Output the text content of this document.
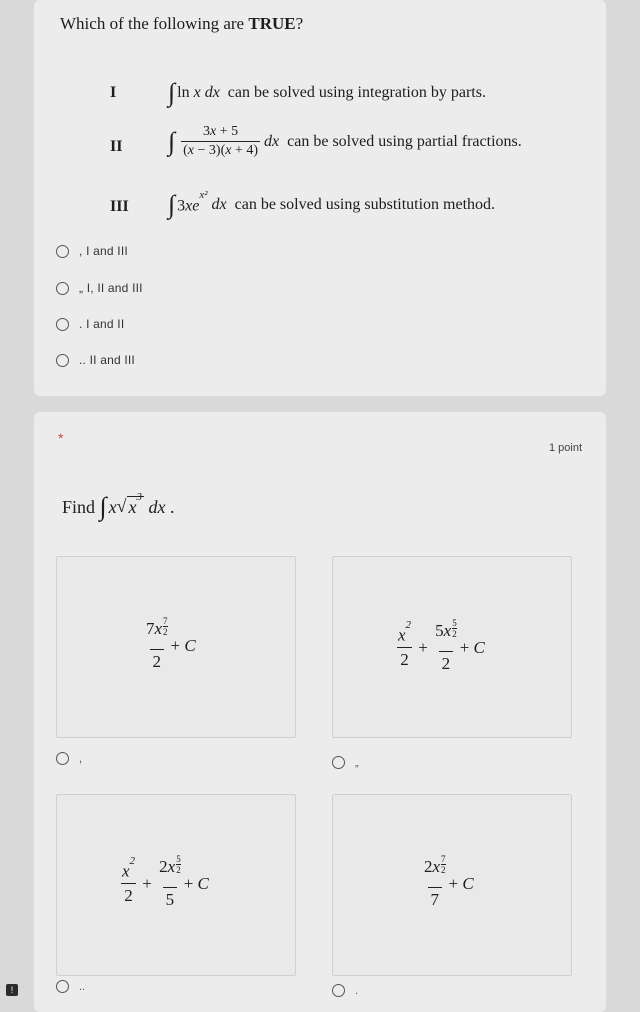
Which of the following are TRUE?
I ∫ ln
x
dx
can be solved using integration by parts.
II ∫ $\frac{3x + 5}{(x - 3)(x + 4)}$ dx
can be solved using partial fractions.
III ∫ $3xe^{x^2}$

dx
can be solved using substitution method.
, I and III
„ I, II and III
. I and II
.. II and III
*
1 point
Find
∫ x √ $x^3$
dx .
$7x \frac{7}{2}$
2
+ C
,
$x^2$
2
+ $\frac{5x \frac{5}{2}}{2} + C$
„
$x^2$
2
+ $\frac{2x \frac{5}{2}}{5} + C$
..
$2x \frac{7}{2}$
7
+ C
.
!
